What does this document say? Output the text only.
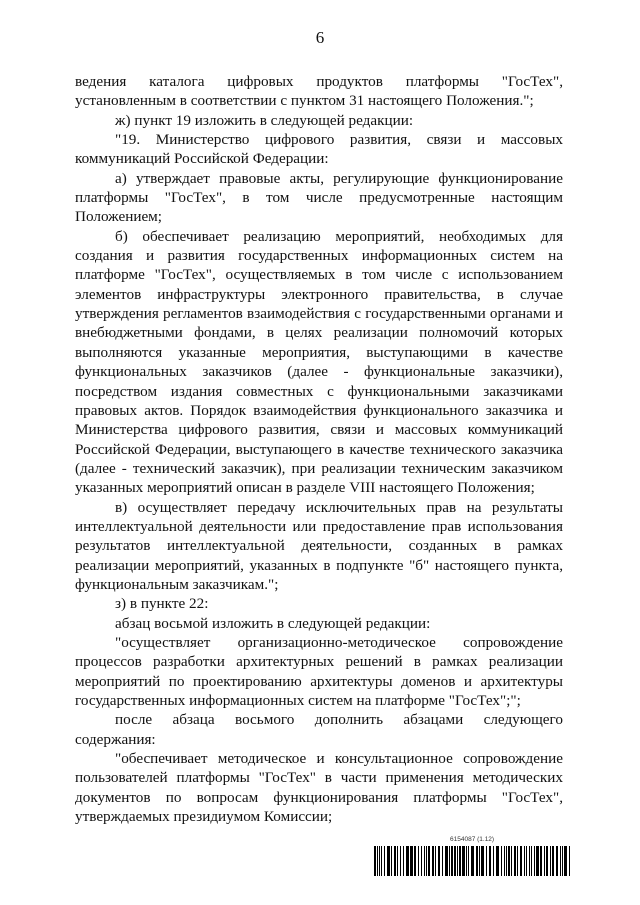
6

ведения каталога цифровых продуктов платформы "ГосТех", установленным в соответствии с пунктом 31 настоящего Положения.";

ж) пункт 19 изложить в следующей редакции:

"19. Министерство цифрового развития, связи и массовых коммуникаций Российской Федерации:

а) утверждает правовые акты, регулирующие функционирование платформы "ГосТех", в том числе предусмотренные настоящим Положением;

б) обеспечивает реализацию мероприятий, необходимых для создания и развития государственных информационных систем на платформе "ГосТех", осуществляемых в том числе с использованием элементов инфраструктуры электронного правительства, в случае утверждения регламентов взаимодействия с государственными органами и внебюджетными фондами, в целях реализации полномочий которых выполняются указанные мероприятия, выступающими в качестве функциональных заказчиков (далее - функциональные заказчики), посредством издания совместных с функциональными заказчиками правовых актов. Порядок взаимодействия функционального заказчика и Министерства цифрового развития, связи и массовых коммуникаций Российской Федерации, выступающего в качестве технического заказчика (далее - технический заказчик), при реализации техническим заказчиком указанных мероприятий описан в разделе VIII настоящего Положения;

в) осуществляет передачу исключительных прав на результаты интеллектуальной деятельности или предоставление прав использования результатов интеллектуальной деятельности, созданных в рамках реализации мероприятий, указанных в подпункте "б" настоящего пункта, функциональным заказчикам.";

з) в пункте 22:

абзац восьмой изложить в следующей редакции:

"осуществляет организационно-методическое сопровождение процессов разработки архитектурных решений в рамках реализации мероприятий по проектированию архитектуры доменов и архитектуры государственных информационных систем на платформе "ГосТех";";

после абзаца восьмого дополнить абзацами следующего содержания:

"обеспечивает методическое и консультационное сопровождение пользователей платформы "ГосТех" в части применения методических документов по вопросам функционирования платформы "ГосТех", утверждаемых президиумом Комиссии;

6154087 (1.12)
